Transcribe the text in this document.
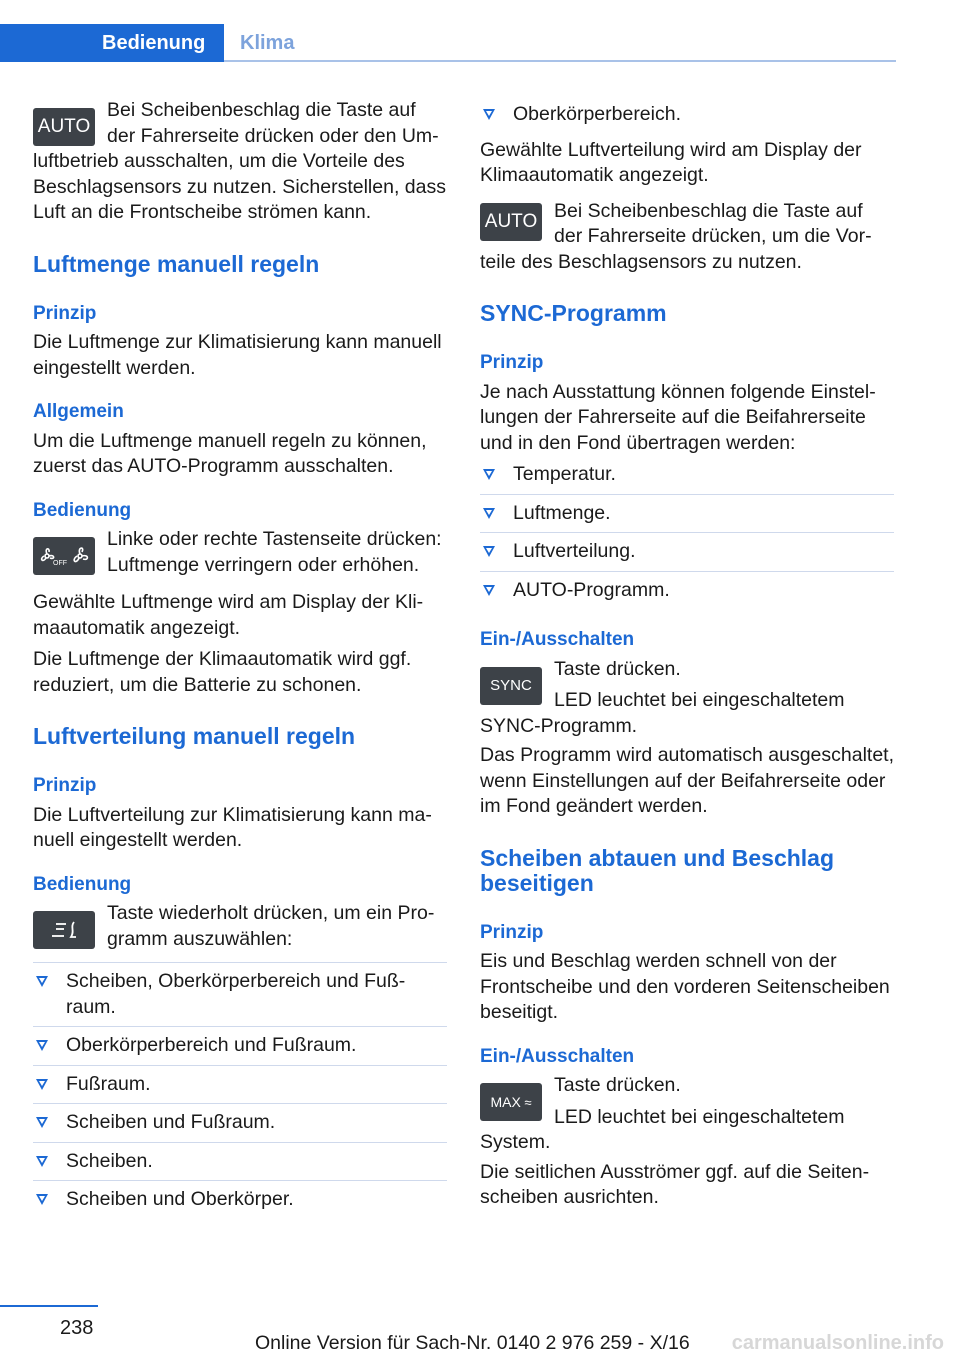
Bedienung	Klima
AUTO

Bei Scheibenbeschlag die Taste auf der Fahrerseite drücken oder den Umluftbetrieb ausschalten, um die Vorteile des Beschlagsensors zu nutzen. Sicherstellen, dass Luft an die Frontscheibe strömen kann.

Luftmenge manuell regeln
Prinzip

Die Luftmenge zur Klimatisierung kann manuell eingestellt werden.

Allgemein

Um die Luftmenge manuell regeln zu können, zuerst das AUTO-Programm ausschalten.

Bedienung
OFF

Linke oder rechte Tastenseite drücken: Luftmenge verringern oder erhöhen.

Gewählte Luftmenge wird am Display der Klimaautomatik angezeigt.

Die Luftmenge der Klimaautomatik wird ggf. reduziert, um die Batterie zu schonen.

Luftverteilung manuell regeln
Prinzip

Die Luftverteilung zur Klimatisierung kann manuell eingestellt werden.

Bedienung

Taste wiederholt drücken, um ein Programm auszuwählen:

Scheiben, Oberkörperbereich und Fußraum.
Oberkörperbereich und Fußraum.
Fußraum.
Scheiben und Fußraum.
Scheiben.
Scheiben und Oberkörper.
Oberkörperbereich.

Gewählte Luftverteilung wird am Display der Klimaautomatik angezeigt.

AUTO Bei Scheibenbeschlag die Taste auf der Fahrerseite drücken, um die Vorteile des Beschlagsensors zu nutzen.

SYNC-Programm
Prinzip

Je nach Ausstattung können folgende Einstellungen der Fahrerseite auf die Beifahrerseite und in den Fond übertragen werden:

Temperatur.
Luftmenge.
Luftverteilung.
AUTO-Programm.
Ein-/Ausschalten
SYNC

Taste drücken.

LED leuchtet bei eingeschaltetem SYNC-Programm.

Das Programm wird automatisch ausgeschaltet, wenn Einstellungen auf der Beifahrerseite oder im Fond geändert werden.

Scheiben abtauen und Beschlag beseitigen
Prinzip

Eis und Beschlag werden schnell von der Frontscheibe und den vorderen Seitenscheiben beseitigt.

Ein-/Ausschalten
MAX ≈

Taste drücken.

LED leuchtet bei eingeschaltetem System.

Die seitlichen Ausströmer ggf. auf die Seitenscheiben ausrichten.

238
Online Version für Sach-Nr. 0140 2 976 259 - X/16 carmanualsonline.info
